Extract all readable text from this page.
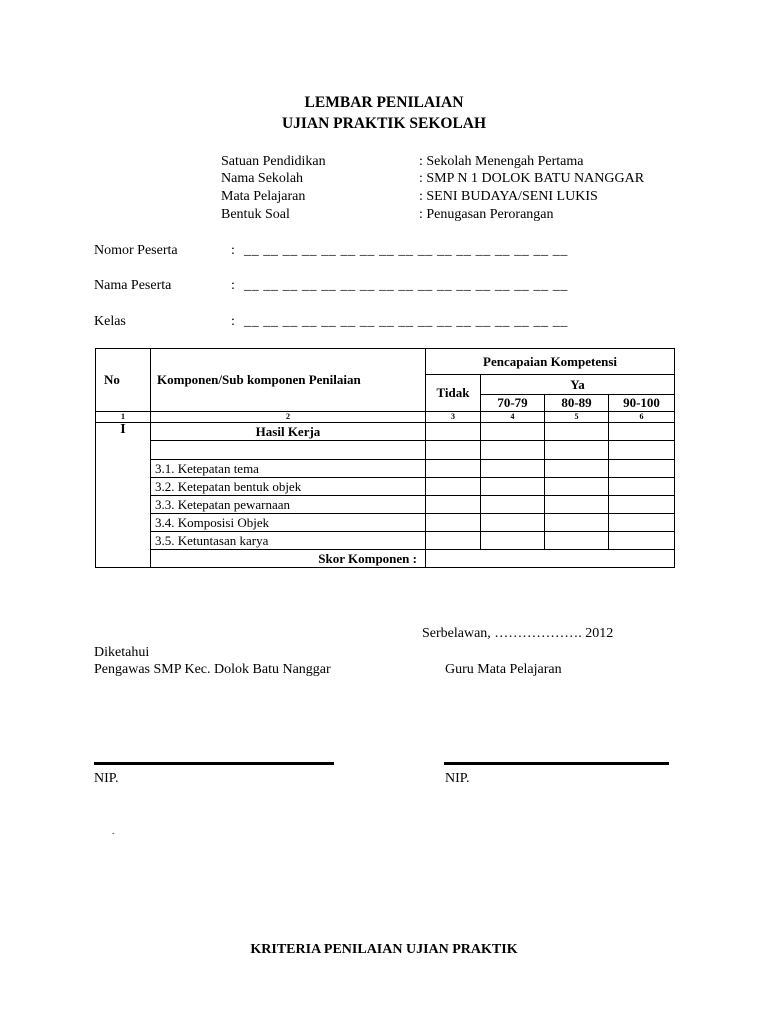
LEMBAR PENILAIAN
UJIAN PRAKTIK SEKOLAH
Satuan Pendidikan	: Sekolah Menengah Pertama
Nama Sekolah	: SMP N 1 DOLOK BATU NANGGAR
Mata Pelajaran	: SENI BUDAYA/SENI LUKIS
Bentuk Soal	: Penugasan Perorangan
Nomor Peserta	: __ __ __ __ __ __ __ __ __ __ __ __ __ __ __ __ __
Nama Peserta	: __ __ __ __ __ __ __ __ __ __ __ __ __ __ __ __ __
Kelas	: __ __ __ __ __ __ __ __ __ __ __ __ __ __ __ __ __
No	Komponen/Sub komponen Penilaian	Pencapaian Kompetensi			
		Tidak	Ya		
			70-79	80-89	90-100
1	2	3	4	5	6
I	Hasil Kerja				

	3.1. Ketepatan tema				
	3.2. Ketepatan bentuk objek				
	3.3. Ketepatan pewarnaan				
	3.4. Komposisi Objek				
	3.5. Ketuntasan karya				
	Skor Komponen :				
Serbelawan, ………………. 2012
Diketahui
Pengawas SMP Kec. Dolok Batu Nanggar	Guru Mata Pelajaran
NIP.	NIP.
.
KRITERIA PENILAIAN UJIAN PRAKTIK
